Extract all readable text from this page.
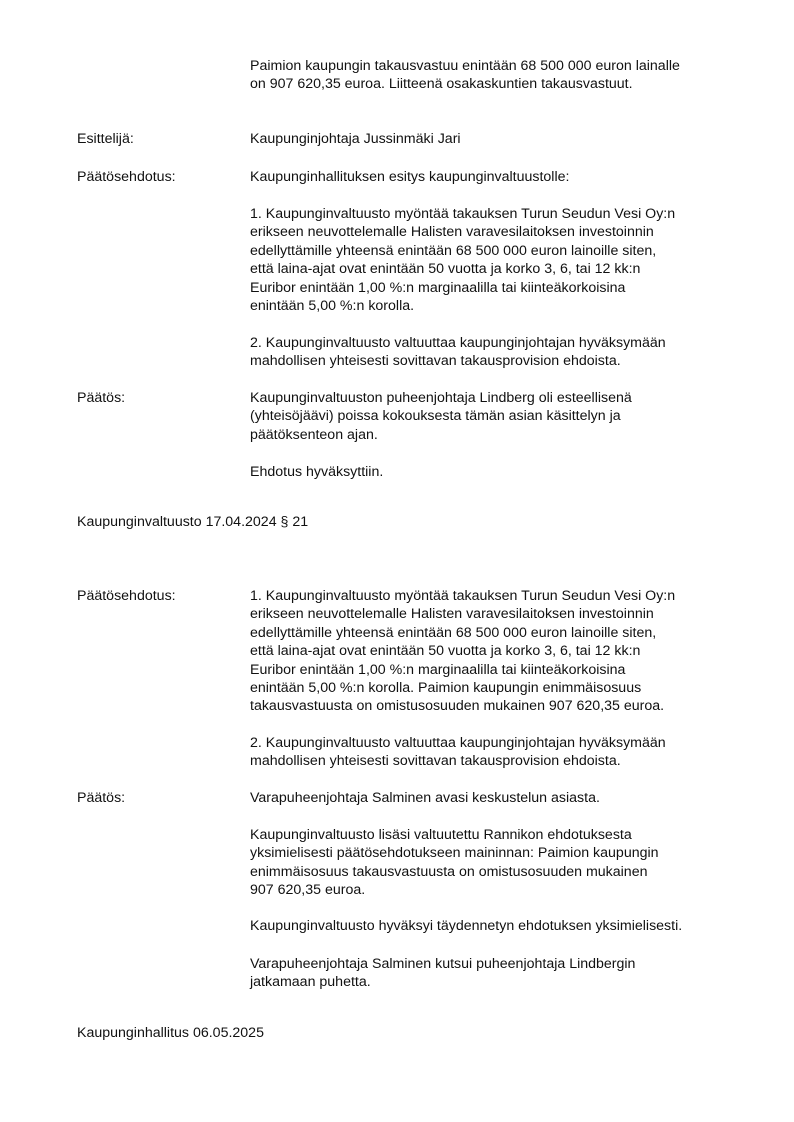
Paimion kaupungin takausvastuu enintään 68 500 000 euron lainalle
on 907 620,35 euroa. Liitteenä osakaskuntien takausvastuut.
Esittelijä:	Kaupunginjohtaja Jussinmäki Jari
Päätösehdotus:	Kaupunginhallituksen esitys kaupunginvaltuustolle:
1. Kaupunginvaltuusto myöntää takauksen Turun Seudun Vesi Oy:n
erikseen neuvottelemalle Halisten varavesilaitoksen investoinnin
edellyttämille yhteensä enintään 68 500 000 euron lainoille siten,
että laina-ajat ovat enintään 50 vuotta ja korko 3, 6, tai 12 kk:n
Euribor enintään 1,00 %:n marginaalilla tai kiinteäkorkoisina
enintään 5,00 %:n korolla.
2. Kaupunginvaltuusto valtuuttaa kaupunginjohtajan hyväksymään
mahdollisen yhteisesti sovittavan takausprovision ehdoista.
Päätös:	Kaupunginvaltuuston puheenjohtaja Lindberg oli esteellisenä
(yhteisöjäävi) poissa kokouksesta tämän asian käsittelyn ja
päätöksenteon ajan.
Ehdotus hyväksyttiin.
Kaupunginvaltuusto 17.04.2024 § 21
Päätösehdotus:	1. Kaupunginvaltuusto myöntää takauksen Turun Seudun Vesi Oy:n
erikseen neuvottelemalle Halisten varavesilaitoksen investoinnin
edellyttämille yhteensä enintään 68 500 000 euron lainoille siten,
että laina-ajat ovat enintään 50 vuotta ja korko 3, 6, tai 12 kk:n
Euribor enintään 1,00 %:n marginaalilla tai kiinteäkorkoisina
enintään 5,00 %:n korolla. Paimion kaupungin enimmäisosuus
takausvastuusta on omistusosuuden mukainen 907 620,35 euroa.
2. Kaupunginvaltuusto valtuuttaa kaupunginjohtajan hyväksymään
mahdollisen yhteisesti sovittavan takausprovision ehdoista.
Päätös:	Varapuheenjohtaja Salminen avasi keskustelun asiasta.
Kaupunginvaltuusto lisäsi valtuutettu Rannikon ehdotuksesta
yksimielisesti päätösehdotukseen maininnan: Paimion kaupungin
enimmäisosuus takausvastuusta on omistusosuuden mukainen
907 620,35 euroa.
Kaupunginvaltuusto hyväksyi täydennetyn ehdotuksen yksimielisesti.
Varapuheenjohtaja Salminen kutsui puheenjohtaja Lindbergin
jatkamaan puhetta.
Kaupunginhallitus 06.05.2025
